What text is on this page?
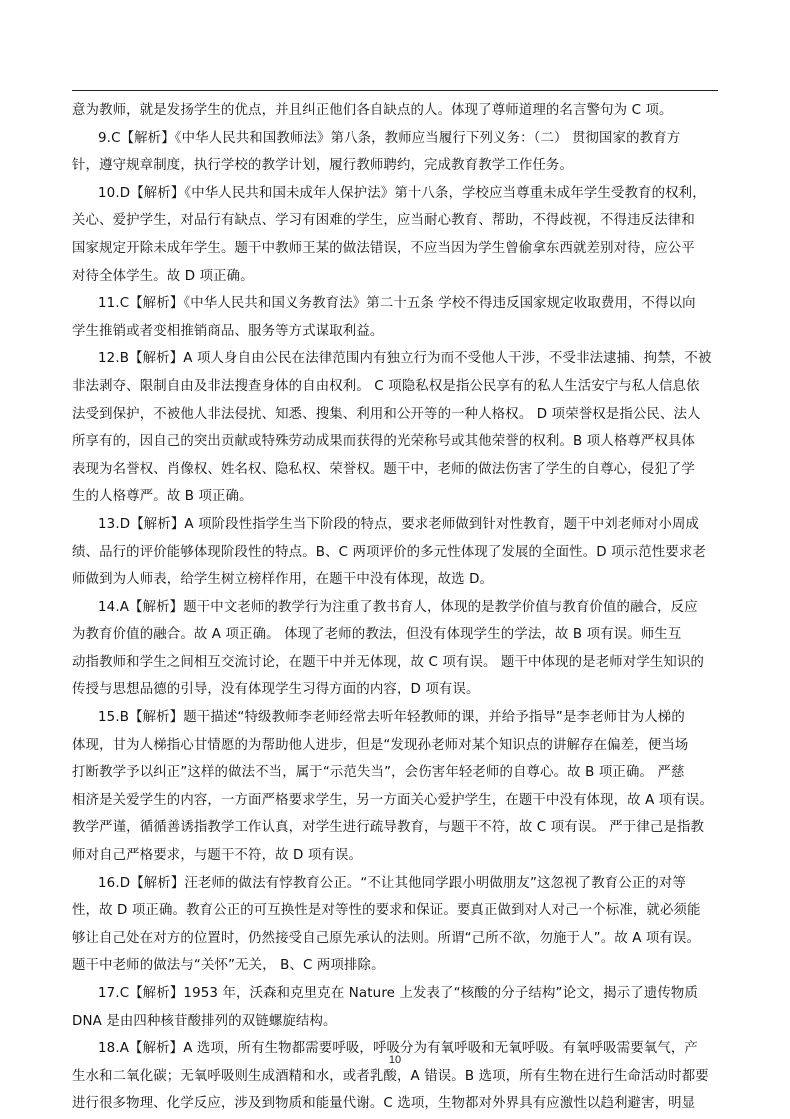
意为教师，就是发扬学生的优点，并且纠正他们各自缺点的人。体现了尊师道理的名言警句为 C 项。
9.C【解析】《中华人民共和国教师法》第八条，教师应当履行下列义务：（二） 贯彻国家的教育方
针，遵守规章制度，执行学校的教学计划，履行教师聘约，完成教育教学工作任务。
10.D【解析】《中华人民共和国未成年人保护法》第十八条，学校应当尊重未成年学生受教育的权利，
关心、爱护学生，对品行有缺点、学习有困难的学生，应当耐心教育、帮助，不得歧视，不得违反法律和
国家规定开除未成年学生。题干中教师王某的做法错误，不应当因为学生曾偷拿东西就差别对待，应公平
对待全体学生。故 D 项正确。
11.C【解析】《中华人民共和国义务教育法》第二十五条 学校不得违反国家规定收取费用，不得以向
学生推销或者变相推销商品、服务等方式谋取利益。
12.B【解析】A 项人身自由公民在法律范围内有独立行为而不受他人干涉，不受非法逮捕、拘禁，不被
非法剥夺、限制自由及非法搜查身体的自由权利。 C 项隐私权是指公民享有的私人生活安宁与私人信息依
法受到保护，不被他人非法侵扰、知悉、搜集、利用和公开等的一种人格权。 D 项荣誉权是指公民、法人
所享有的，因自己的突出贡献或特殊劳动成果而获得的光荣称号或其他荣誉的权利。B 项人格尊严权具体
表现为名誉权、肖像权、姓名权、隐私权、荣誉权。题干中，老师的做法伤害了学生的自尊心，侵犯了学
生的人格尊严。故 B 项正确。
13.D【解析】A 项阶段性指学生当下阶段的特点，要求老师做到针对性教育，题干中刘老师对小周成
绩、品行的评价能够体现阶段性的特点。B、C 两项评价的多元性体现了发展的全面性。D 项示范性要求老
师做到为人师表，给学生树立榜样作用，在题干中没有体现，故选 D。
14.A【解析】题干中文老师的教学行为注重了教书育人，体现的是教学价值与教育价值的融合，反应
为教育价值的融合。故 A 项正确。 体现了老师的教法，但没有体现学生的学法，故 B 项有误。师生互
动指教师和学生之间相互交流讨论，在题干中并无体现，故 C 项有误。 题干中体现的是老师对学生知识的
传授与思想品德的引导，没有体现学生习得方面的内容，D 项有误。
15.B【解析】题干描述“特级教师李老师经常去听年轻教师的课，并给予指导”是李老师甘为人梯的
体现，甘为人梯指心甘情愿的为帮助他人进步，但是“发现孙老师对某个知识点的讲解存在偏差，便当场
打断教学予以纠正”这样的做法不当，属于“示范失当”，会伤害年轻老师的自尊心。故 B 项正确。 严慈
相济是关爱学生的内容，一方面严格要求学生，另一方面关心爱护学生，在题干中没有体现，故 A 项有误。
教学严谨，循循善诱指教学工作认真，对学生进行疏导教育，与题干不符，故 C 项有误。 严于律己是指教
师对自己严格要求，与题干不符，故 D 项有误。
16.D【解析】汪老师的做法有悖教育公正。“不让其他同学跟小明做朋友”这忽视了教育公正的对等
性，故 D 项正确。教育公正的可互换性是对等性的要求和保证。要真正做到对人对己一个标准，就必须能
够让自己处在对方的位置时，仍然接受自己原先承认的法则。所谓“己所不欲，勿施于人”。故 A 项有误。
题干中老师的做法与“关怀”无关， B、C 两项排除。
17.C【解析】1953 年，沃森和克里克在 Nature 上发表了“核酸的分子结构”论文，揭示了遗传物质
DNA 是由四种核苷酸排列的双链螺旋结构。
18.A【解析】A 选项，所有生物都需要呼吸，呼吸分为有氧呼吸和无氧呼吸。有氧呼吸需要氧气，产
生水和二氧化碳；无氧呼吸则生成酒精和水，或者乳酸，A 错误。B 选项，所有生物在进行生命活动时都要
进行很多物理、化学反应，涉及到物质和能量代谢。C 选项，生物都对外界具有应激性以趋利避害，明显
10
